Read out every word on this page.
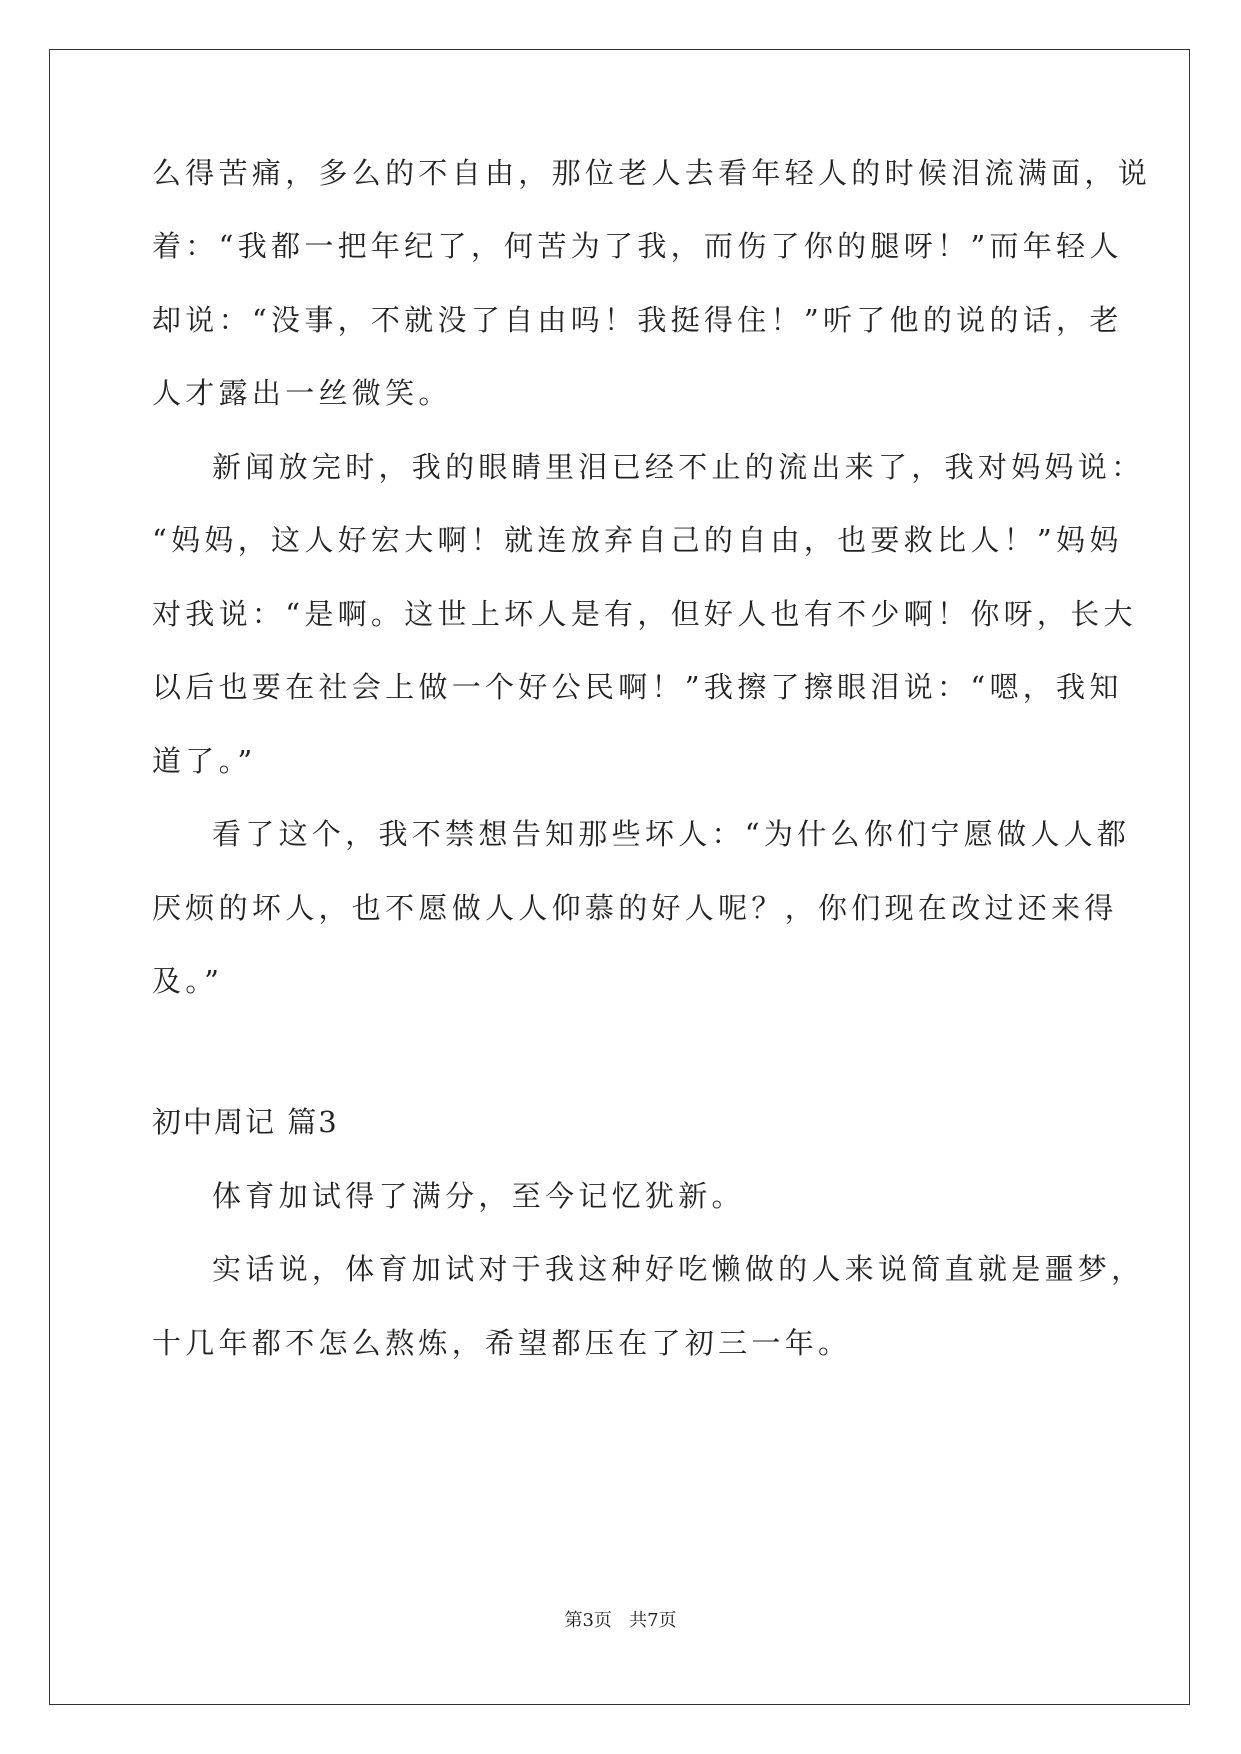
么得苦痛，多么的不自由，那位老人去看年轻人的时候泪流满面，说
着：“我都一把年纪了，何苦为了我，而伤了你的腿呀！”而年轻人
却说：“没事，不就没了自由吗！我挺得住！”听了他的说的话，老
人才露出一丝微笑。
新闻放完时，我的眼睛里泪已经不止的流出来了，我对妈妈说：
“妈妈，这人好宏大啊！就连放弃自己的自由，也要救比人！”妈妈
对我说：“是啊。这世上坏人是有，但好人也有不少啊！你呀，长大
以后也要在社会上做一个好公民啊！”我擦了擦眼泪说：“嗯，我知
道了。”
看了这个，我不禁想告知那些坏人：“为什么你们宁愿做人人都
厌烦的坏人，也不愿做人人仰慕的好人呢？，你们现在改过还来得
及。”
初中周记 篇3
体育加试得了满分，至今记忆犹新。
实话说，体育加试对于我这种好吃懒做的人来说简直就是噩梦，
十几年都不怎么熬炼，希望都压在了初三一年。
第3页   共7页
